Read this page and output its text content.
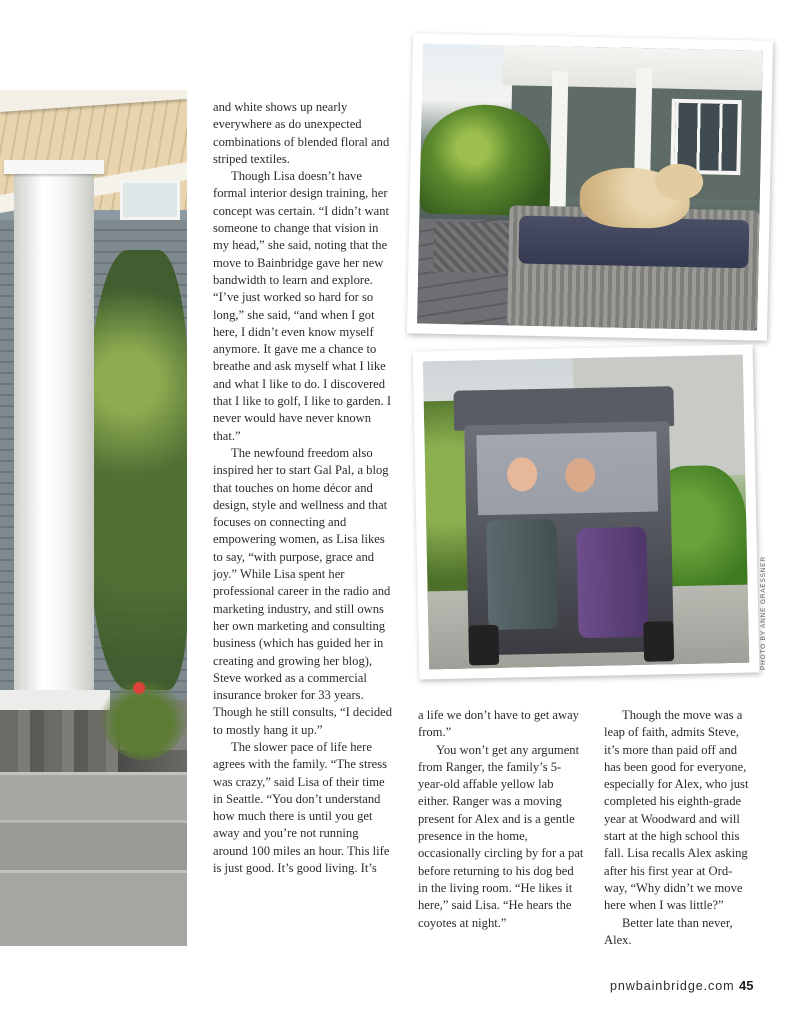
and white shows up nearly everywhere as do unexpected combinations of blended floral and striped textiles.

Though Lisa doesn’t have formal interior design training, her concept was certain. “I didn’t want someone to change that vision in my head,” she said, noting that the move to Bainbridge gave her new bandwidth to learn and explore. “I’ve just worked so hard for so long,” she said, “and when I got here, I didn’t even know myself anymore. It gave me a chance to breathe and ask myself what I like and what I like to do. I discovered that I like to golf, I like to garden. I never would have never known that.”

The newfound freedom also inspired her to start Gal Pal, a blog that touches on home décor and design, style and wellness and that focuses on connecting and empowering women, as Lisa likes to say, “with purpose, grace and joy.” While Lisa spent her professional career in the radio and marketing industry, and still owns her own marketing and consulting business (which has guided her in creating and growing her blog), Steve worked as a commercial insurance broker for 33 years. Though he still consults, “I decided to mostly hang it up.”

The slower pace of life here agrees with the family. “The stress was crazy,” said Lisa of their time in Seattle. “You don’t understand how much there is until you get away and you’re not running around 100 miles an hour. This life is just good. It’s good living. It’s

PHOTO BY ANNE GRAESSNER

a life we don’t have to get away from.”

You won’t get any argument from Ranger, the family’s 5-year-old affable yellow lab either. Ranger was a moving present for Alex and is a gentle presence in the home, occasionally circling by for a pat before returning to his dog bed in the living room. “He likes it here,” said Lisa. “He hears the coyotes at night.”

Though the move was a leap of faith, admits Steve, it’s more than paid off and has been good for everyone, especially for Alex, who just completed his eighth-grade year at Woodward and will start at the high school this fall. Lisa recalls Alex asking after his first year at Ord-way, “Why didn’t we move here when I was little?”

Better late than never, Alex.

pnwbainbridge.com 45
